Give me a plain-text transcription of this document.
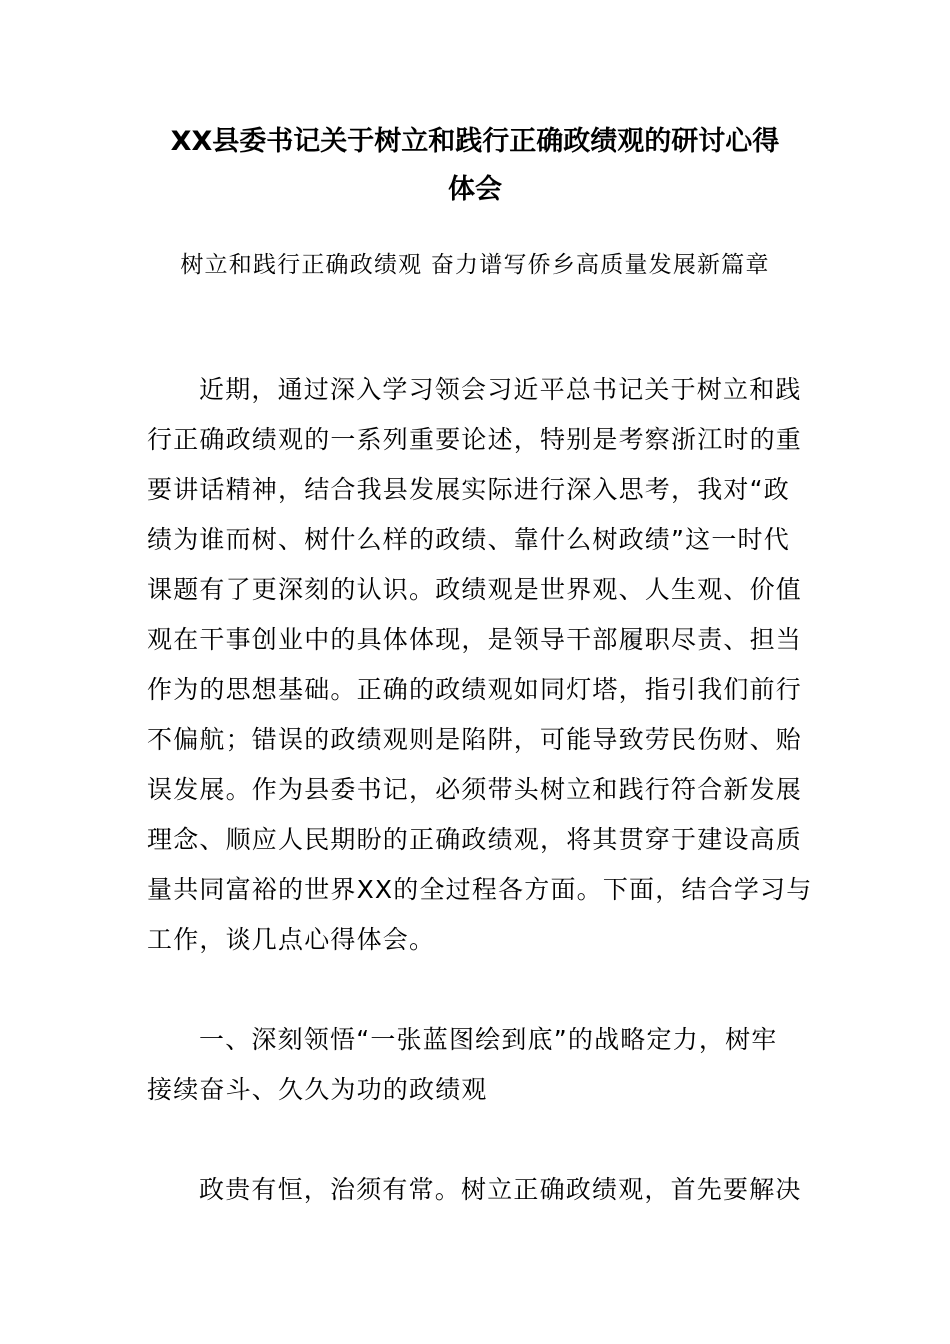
XX县委书记关于树立和践行正确政绩观的研讨心得
体会
树立和践行正确政绩观 奋力谱写侨乡高质量发展新篇章
近期，通过深入学习领会习近平总书记关于树立和践
行正确政绩观的一系列重要论述，特别是考察浙江时的重
要讲话精神，结合我县发展实际进行深入思考，我对“政
绩为谁而树、树什么样的政绩、靠什么树政绩”这一时代
课题有了更深刻的认识。政绩观是世界观、人生观、价值
观在干事创业中的具体体现，是领导干部履职尽责、担当
作为的思想基础。正确的政绩观如同灯塔，指引我们前行
不偏航；错误的政绩观则是陷阱，可能导致劳民伤财、贻
误发展。作为县委书记，必须带头树立和践行符合新发展
理念、顺应人民期盼的正确政绩观，将其贯穿于建设高质
量共同富裕的世界XX的全过程各方面。下面，结合学习与
工作，谈几点心得体会。
一、深刻领悟“一张蓝图绘到底”的战略定力，树牢
接续奋斗、久久为功的政绩观
政贵有恒，治须有常。树立正确政绩观，首先要解决
